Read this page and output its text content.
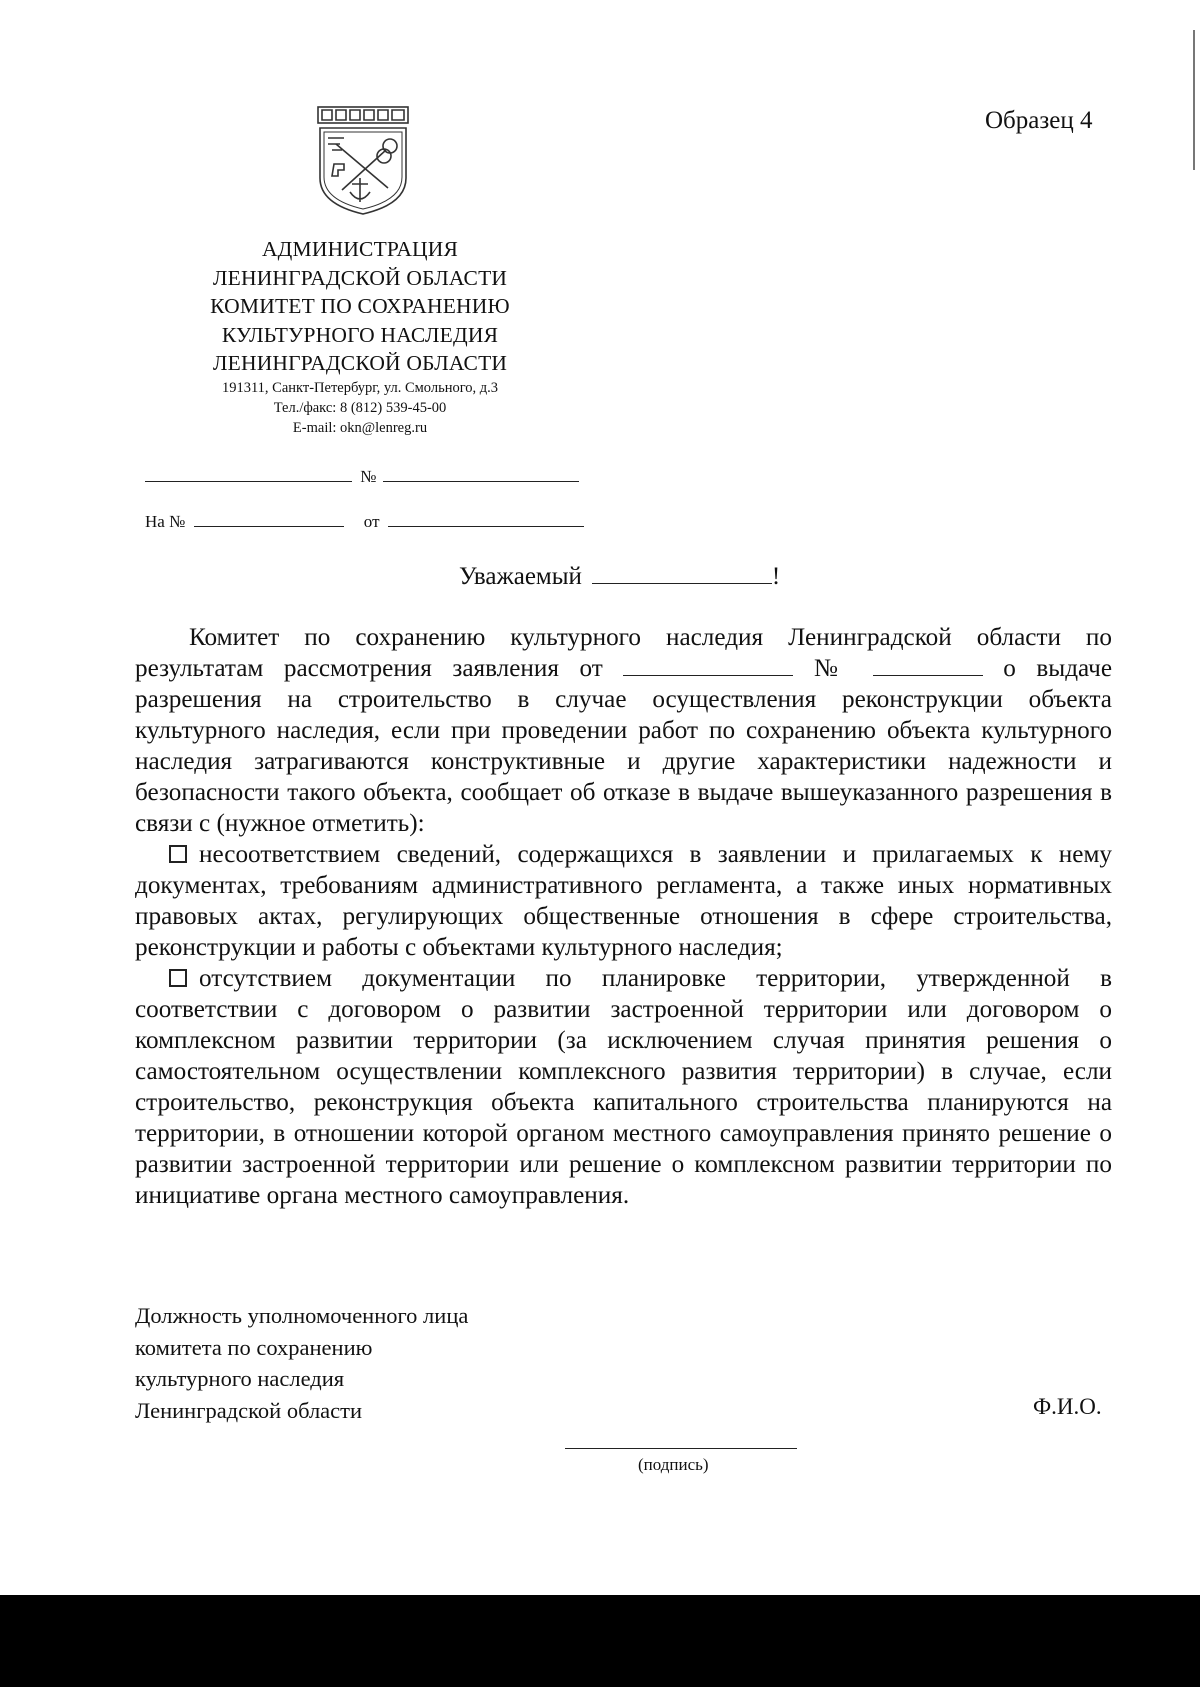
Образец 4
АДМИНИСТРАЦИЯ
ЛЕНИНГРАДСКОЙ ОБЛАСТИ
КОМИТЕТ ПО СОХРАНЕНИЮ
КУЛЬТУРНОГО НАСЛЕДИЯ
ЛЕНИНГРАДСКОЙ ОБЛАСТИ
191311, Санкт-Петербург, ул. Смольного, д.3
Тел./факс: 8 (812) 539-45-00
E-mail: okn@lenreg.ru
№
На №	от
Уважаемый	!

Комитет по сохранению культурного наследия Ленинградской области по результатам рассмотрения заявления от	№	о выдаче разрешения на строительство в случае осуществления реконструкции объекта культурного наследия, если при проведении работ по сохранению объекта культурного наследия затрагиваются конструктивные и другие характеристики надежности и безопасности такого объекта, сообщает об отказе в выдаче вышеуказанного разрешения в связи с (нужное отметить):

несоответствием сведений, содержащихся в заявлении и прилагаемых к нему документах, требованиям административного регламента, а также иных нормативных правовых актах, регулирующих общественные отношения в сфере строительства, реконструкции и работы с объектами культурного наследия;

отсутствием документации по планировке территории, утвержденной в соответствии с договором о развитии застроенной территории или договором о комплексном развитии территории (за исключением случая принятия решения о самостоятельном осуществлении комплексного развития территории) в случае, если строительство, реконструкция объекта капитального строительства планируются на территории, в отношении которой органом местного самоуправления принято решение о развитии застроенной территории или решение о комплексном развитии территории по инициативе органа местного самоуправления.

Должность уполномоченного лица
комитета по сохранению
культурного наследия
Ленинградской области	Ф.И.О.
(подпись)
